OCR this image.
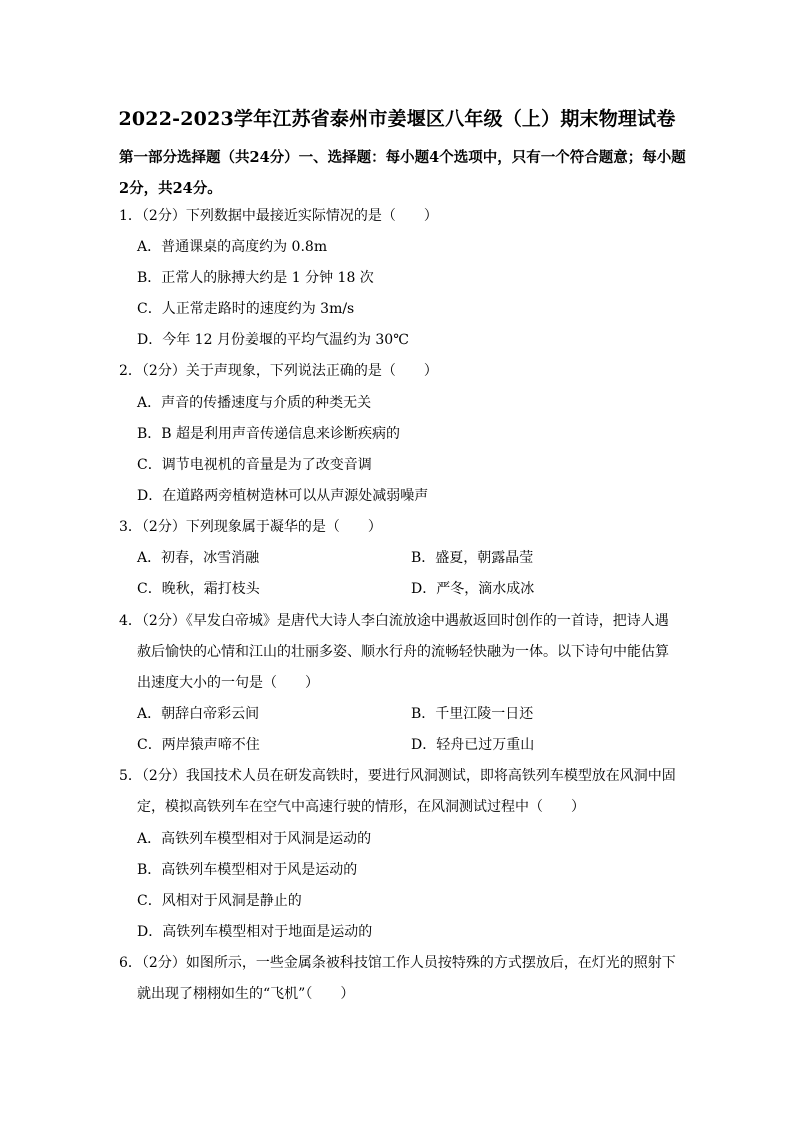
2022-2023学年江苏省泰州市姜堰区八年级（上）期末物理试卷
第一部分选择题（共24分）一、选择题：每小题4个选项中，只有一个符合题意；每小题
2分，共24分。
1．（2分）下列数据中最接近实际情况的是（　　）
A．普通课桌的高度约为 0.8m
B．正常人的脉搏大约是 1 分钟 18 次
C．人正常走路时的速度约为 3m/s
D．今年 12 月份姜堰的平均气温约为 30℃
2．（2分）关于声现象，下列说法正确的是（　　）
A．声音的传播速度与介质的种类无关
B．B 超是利用声音传递信息来诊断疾病的
C．调节电视机的音量是为了改变音调
D．在道路两旁植树造林可以从声源处减弱噪声
3．（2分）下列现象属于凝华的是（　　）
A．初春，冰雪消融	B．盛夏，朝露晶莹
C．晚秋，霜打枝头	D．严冬，滴水成冰
4．（2分）《早发白帝城》是唐代大诗人李白流放途中遇赦返回时创作的一首诗，把诗人遇
赦后愉快的心情和江山的壮丽多姿、顺水行舟的流畅轻快融为一体。以下诗句中能估算
出速度大小的一句是（　　）
A．朝辞白帝彩云间	B．千里江陵一日还
C．两岸猿声啼不住	D．轻舟已过万重山
5．（2分）我国技术人员在研发高铁时，要进行风洞测试，即将高铁列车模型放在风洞中固
定，模拟高铁列车在空气中高速行驶的情形，在风洞测试过程中（　　）
A．高铁列车模型相对于风洞是运动的
B．高铁列车模型相对于风是运动的
C．风相对于风洞是静止的
D．高铁列车模型相对于地面是运动的
6．（2分）如图所示，一些金属条被科技馆工作人员按特殊的方式摆放后，在灯光的照射下
就出现了栩栩如生的“飞机”（　　）
